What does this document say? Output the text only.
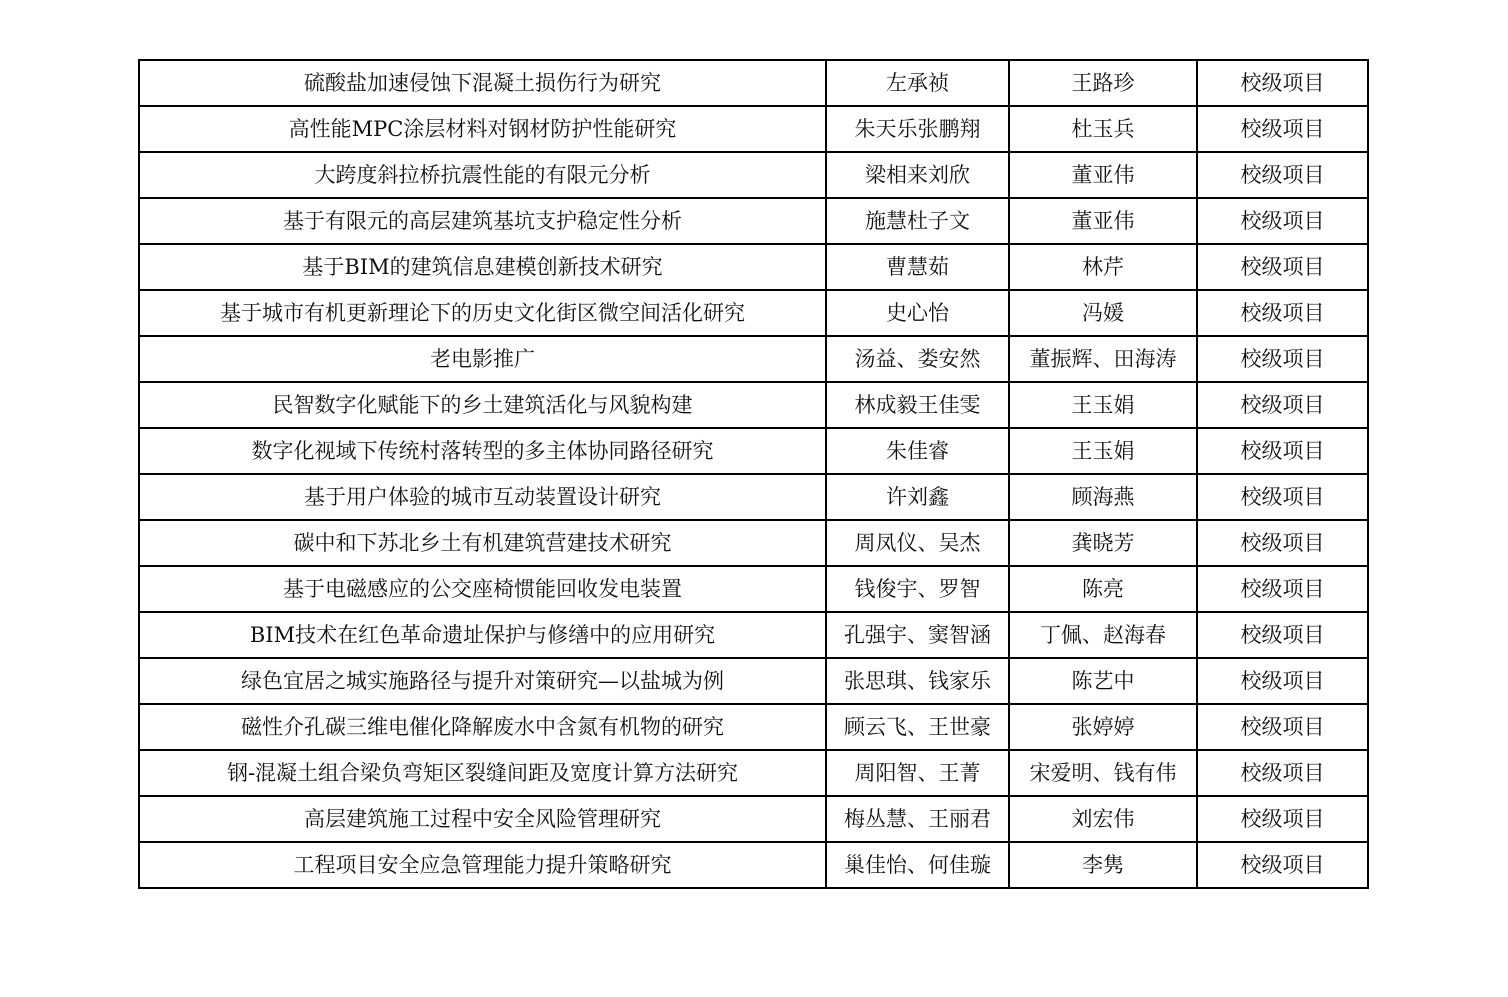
硫酸盐加速侵蚀下混凝土损伤行为研究	左承祯	王路珍	校级项目
高性能MPC涂层材料对钢材防护性能研究	朱天乐张鹏翔	杜玉兵	校级项目
大跨度斜拉桥抗震性能的有限元分析	梁相来刘欣	董亚伟	校级项目
基于有限元的高层建筑基坑支护稳定性分析	施慧杜子文	董亚伟	校级项目
基于BIM的建筑信息建模创新技术研究	曹慧茹	林芹	校级项目
基于城市有机更新理论下的历史文化街区微空间活化研究	史心怡	冯媛	校级项目
老电影推广	汤益、娄安然	董振辉、田海涛	校级项目
民智数字化赋能下的乡土建筑活化与风貌构建	林成毅王佳雯	王玉娟	校级项目
数字化视域下传统村落转型的多主体协同路径研究	朱佳睿	王玉娟	校级项目
基于用户体验的城市互动装置设计研究	许刘鑫	顾海燕	校级项目
碳中和下苏北乡土有机建筑营建技术研究	周凤仪、吴杰	龚晓芳	校级项目
基于电磁感应的公交座椅惯能回收发电装置	钱俊宇、罗智	陈亮	校级项目
BIM技术在红色革命遗址保护与修缮中的应用研究	孔强宇、窦智涵	丁佩、赵海春	校级项目
绿色宜居之城实施路径与提升对策研究—以盐城为例	张思琪、钱家乐	陈艺中	校级项目
磁性介孔碳三维电催化降解废水中含氮有机物的研究	顾云飞、王世豪	张婷婷	校级项目
钢-混凝土组合梁负弯矩区裂缝间距及宽度计算方法研究	周阳智、王菁	宋爱明、钱有伟	校级项目
高层建筑施工过程中安全风险管理研究	梅丛慧、王丽君	刘宏伟	校级项目
工程项目安全应急管理能力提升策略研究	巢佳怡、何佳璇	李隽	校级项目
